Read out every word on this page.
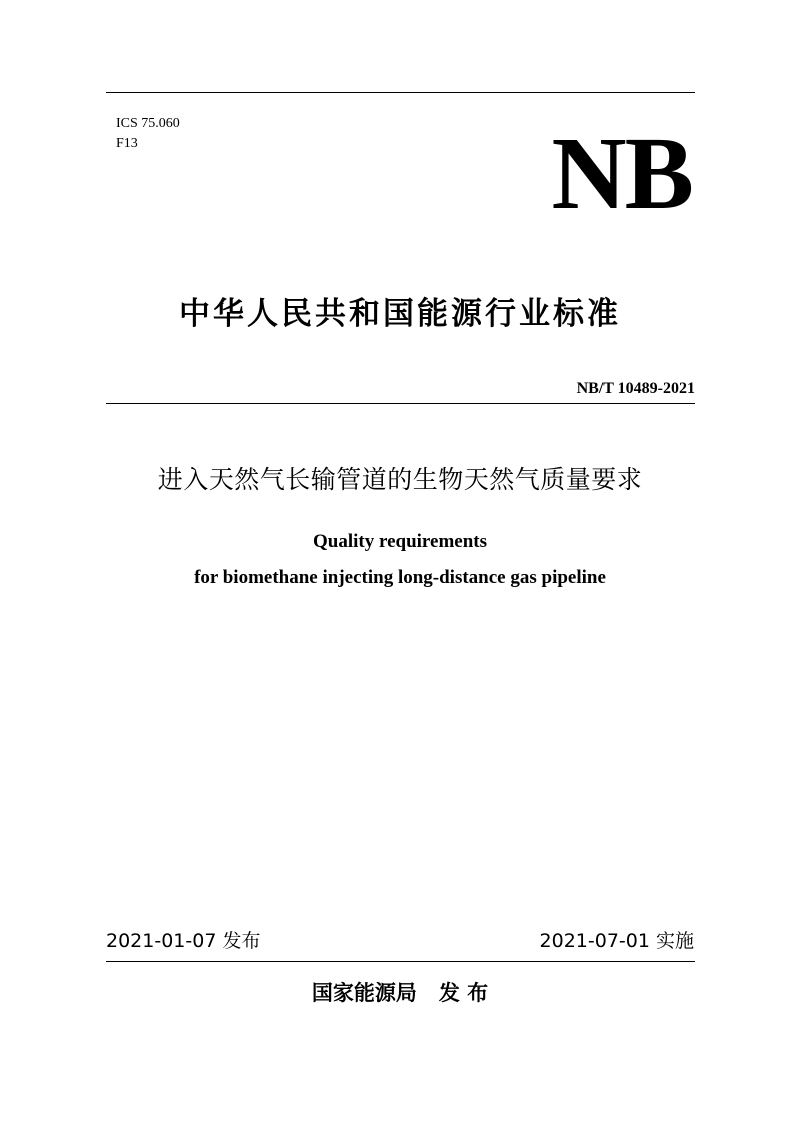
ICS 75.060
F13	NB
中华人民共和国能源行业标准
NB/T 10489-2021
进入天然气长输管道的生物天然气质量要求
Quality requirements
for biomethane injecting long-distance gas pipeline
2021-01-07 发布	2021-07-01 实施
国家能源局 发 布
